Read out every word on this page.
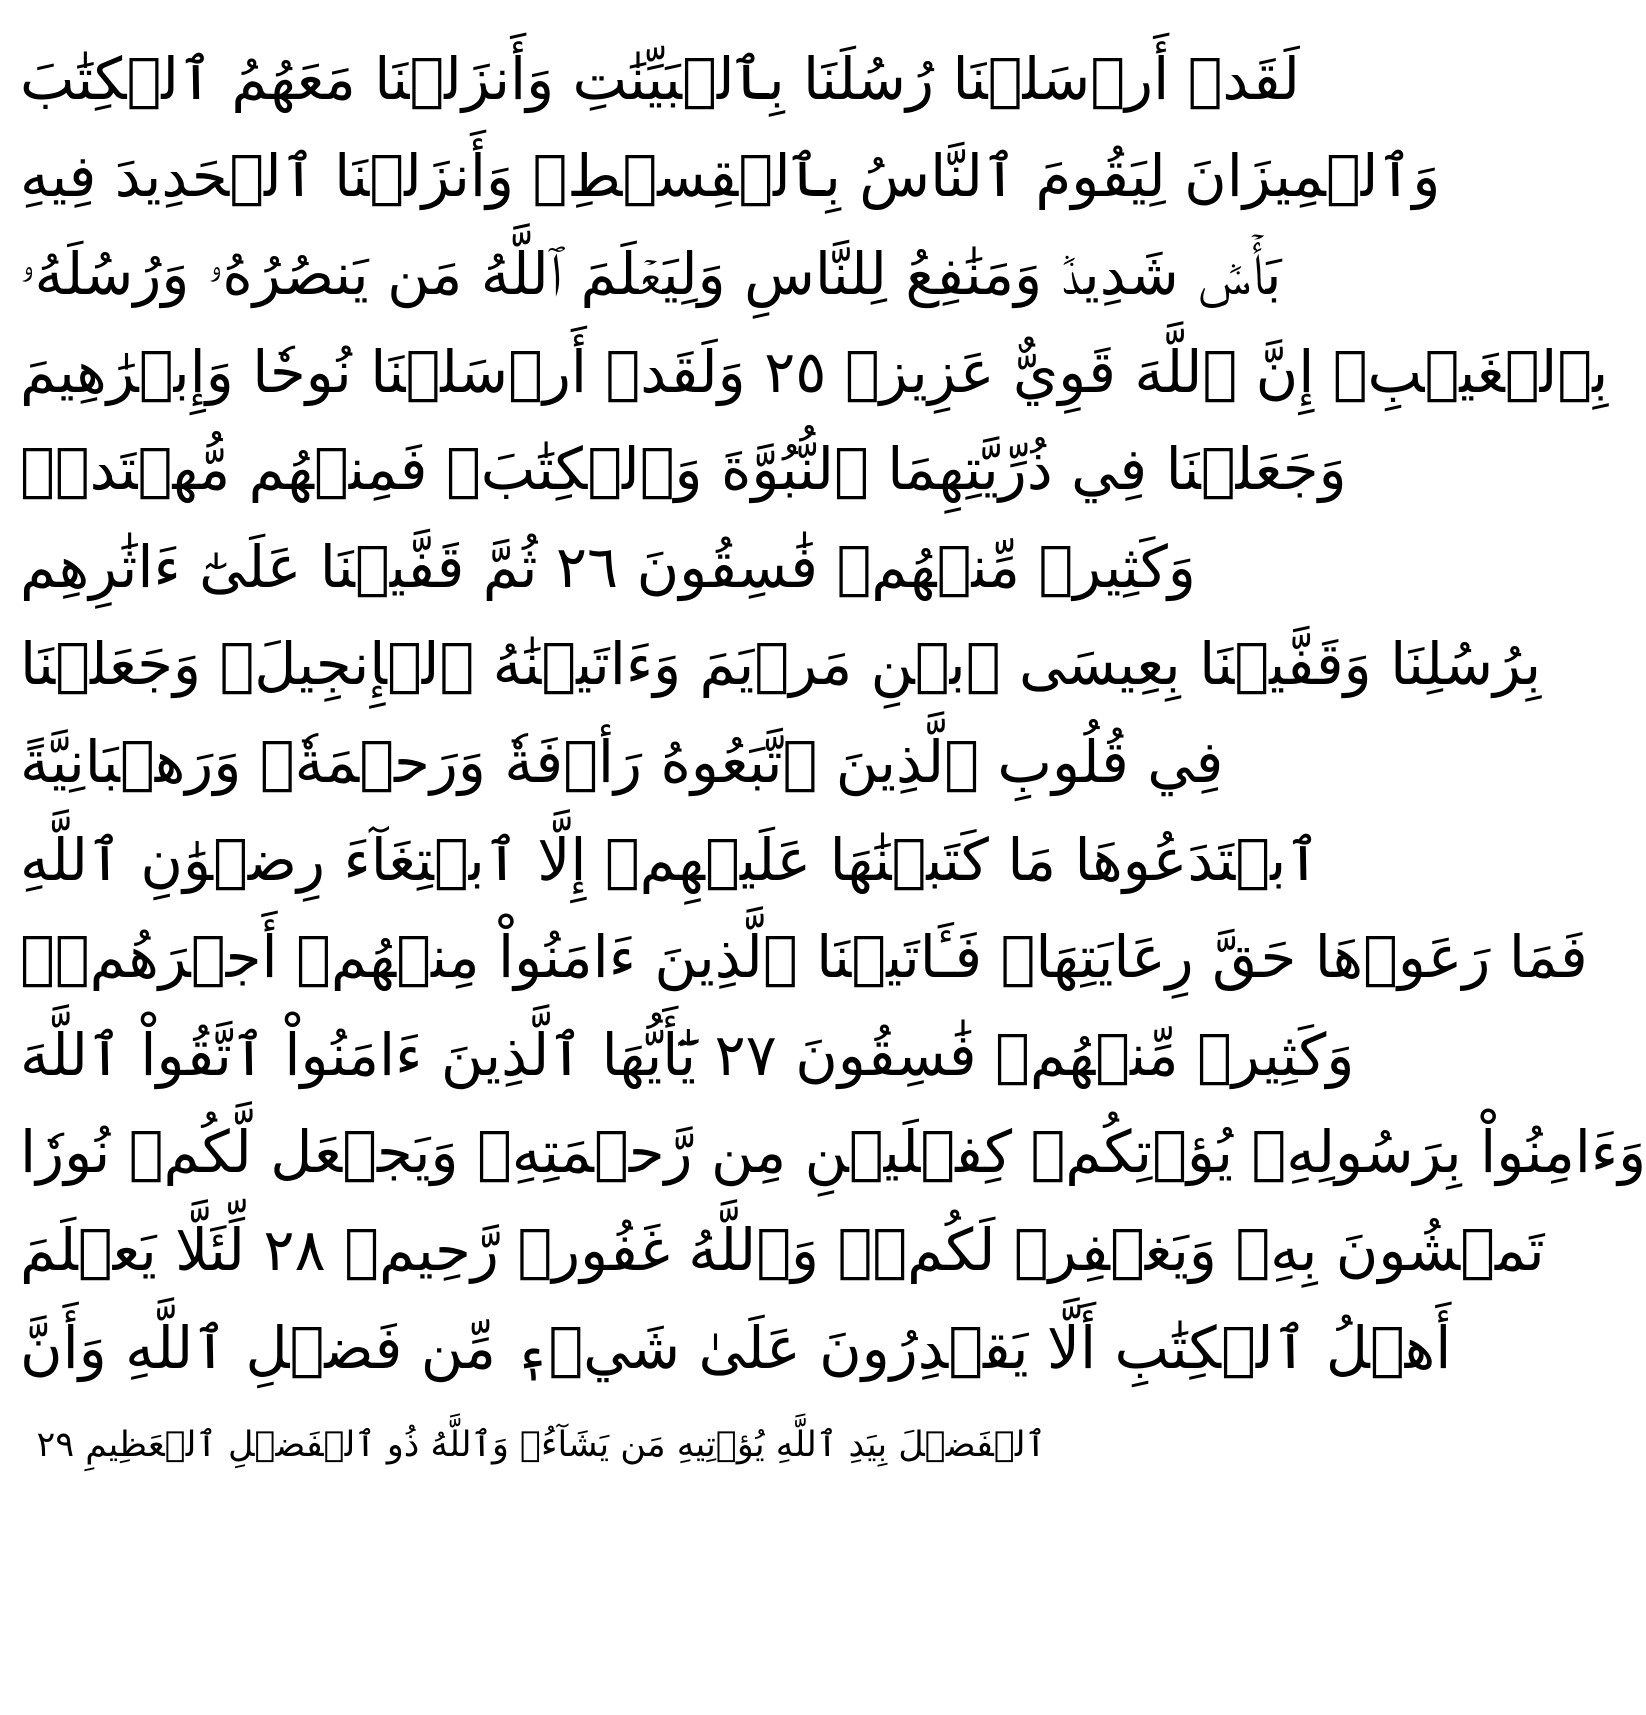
لَقَدۡ أَرۡسَلۡنَا رُسُلَنَا بِٱلۡبَيِّنَٰتِ وَأَنزَلۡنَا مَعَهُمُ ٱلۡكِتَٰبَ
وَٱلۡمِيزَانَ لِيَقُومَ ٱلنَّاسُ بِٱلۡقِسۡطِۖ وَأَنزَلۡنَا ٱلۡحَدِيدَ فِيهِ
بَأۡسٞ شَدِيدٞ وَمَنَٰفِعُ لِلنَّاسِ وَلِيَعۡلَمَ ٱللَّهُ مَن يَنصُرُهُۥ وَرُسُلَهُۥ
بِٱلۡغَيۡبِۚ إِنَّ ٱللَّهَ قَوِيٌّ عَزِيزٞ ٢٥ وَلَقَدۡ أَرۡسَلۡنَا نُوحٗا وَإِبۡرَٰهِيمَ
وَجَعَلۡنَا فِي ذُرِّيَّتِهِمَا ٱلنُّبُوَّةَ وَٱلۡكِتَٰبَۖ فَمِنۡهُم مُّهۡتَدٖۖ
وَكَثِيرٞ مِّنۡهُمۡ فَٰسِقُونَ ٢٦ ثُمَّ قَفَّيۡنَا عَلَىٰٓ ءَاثَٰرِهِم
بِرُسُلِنَا وَقَفَّيۡنَا بِعِيسَى ٱبۡنِ مَرۡيَمَ وَءَاتَيۡنَٰهُ ٱلۡإِنجِيلَۖ وَجَعَلۡنَا
فِي قُلُوبِ ٱلَّذِينَ ٱتَّبَعُوهُ رَأۡفَةٗ وَرَحۡمَةٗۚ وَرَهۡبَانِيَّةً
ٱبۡتَدَعُوهَا مَا كَتَبۡنَٰهَا عَلَيۡهِمۡ إِلَّا ٱبۡتِغَآءَ رِضۡوَٰنِ ٱللَّهِ
فَمَا رَعَوۡهَا حَقَّ رِعَايَتِهَاۖ فَـَٔاتَيۡنَا ٱلَّذِينَ ءَامَنُواْ مِنۡهُمۡ أَجۡرَهُمۡۖ
وَكَثِيرٞ مِّنۡهُمۡ فَٰسِقُونَ ٢٧ يَٰٓأَيُّهَا ٱلَّذِينَ ءَامَنُواْ ٱتَّقُواْ ٱللَّهَ
وَءَامِنُواْ بِرَسُولِهِۦ يُؤۡتِكُمۡ كِفۡلَيۡنِ مِن رَّحۡمَتِهِۦ وَيَجۡعَل لَّكُمۡ نُورٗا
تَمۡشُونَ بِهِۦ وَيَغۡفِرۡ لَكُمۡۚ وَٱللَّهُ غَفُورٞ رَّحِيمٞ ٢٨ لِّئَلَّا يَعۡلَمَ
أَهۡلُ ٱلۡكِتَٰبِ أَلَّا يَقۡدِرُونَ عَلَىٰ شَيۡءٖ مِّن فَضۡلِ ٱللَّهِ وَأَنَّ
ٱلۡفَضۡلَ بِيَدِ ٱللَّهِ يُؤۡتِيهِ مَن يَشَآءُۚ وَٱللَّهُ ذُو ٱلۡفَضۡلِ ٱلۡعَظِيمِ ٢٩
